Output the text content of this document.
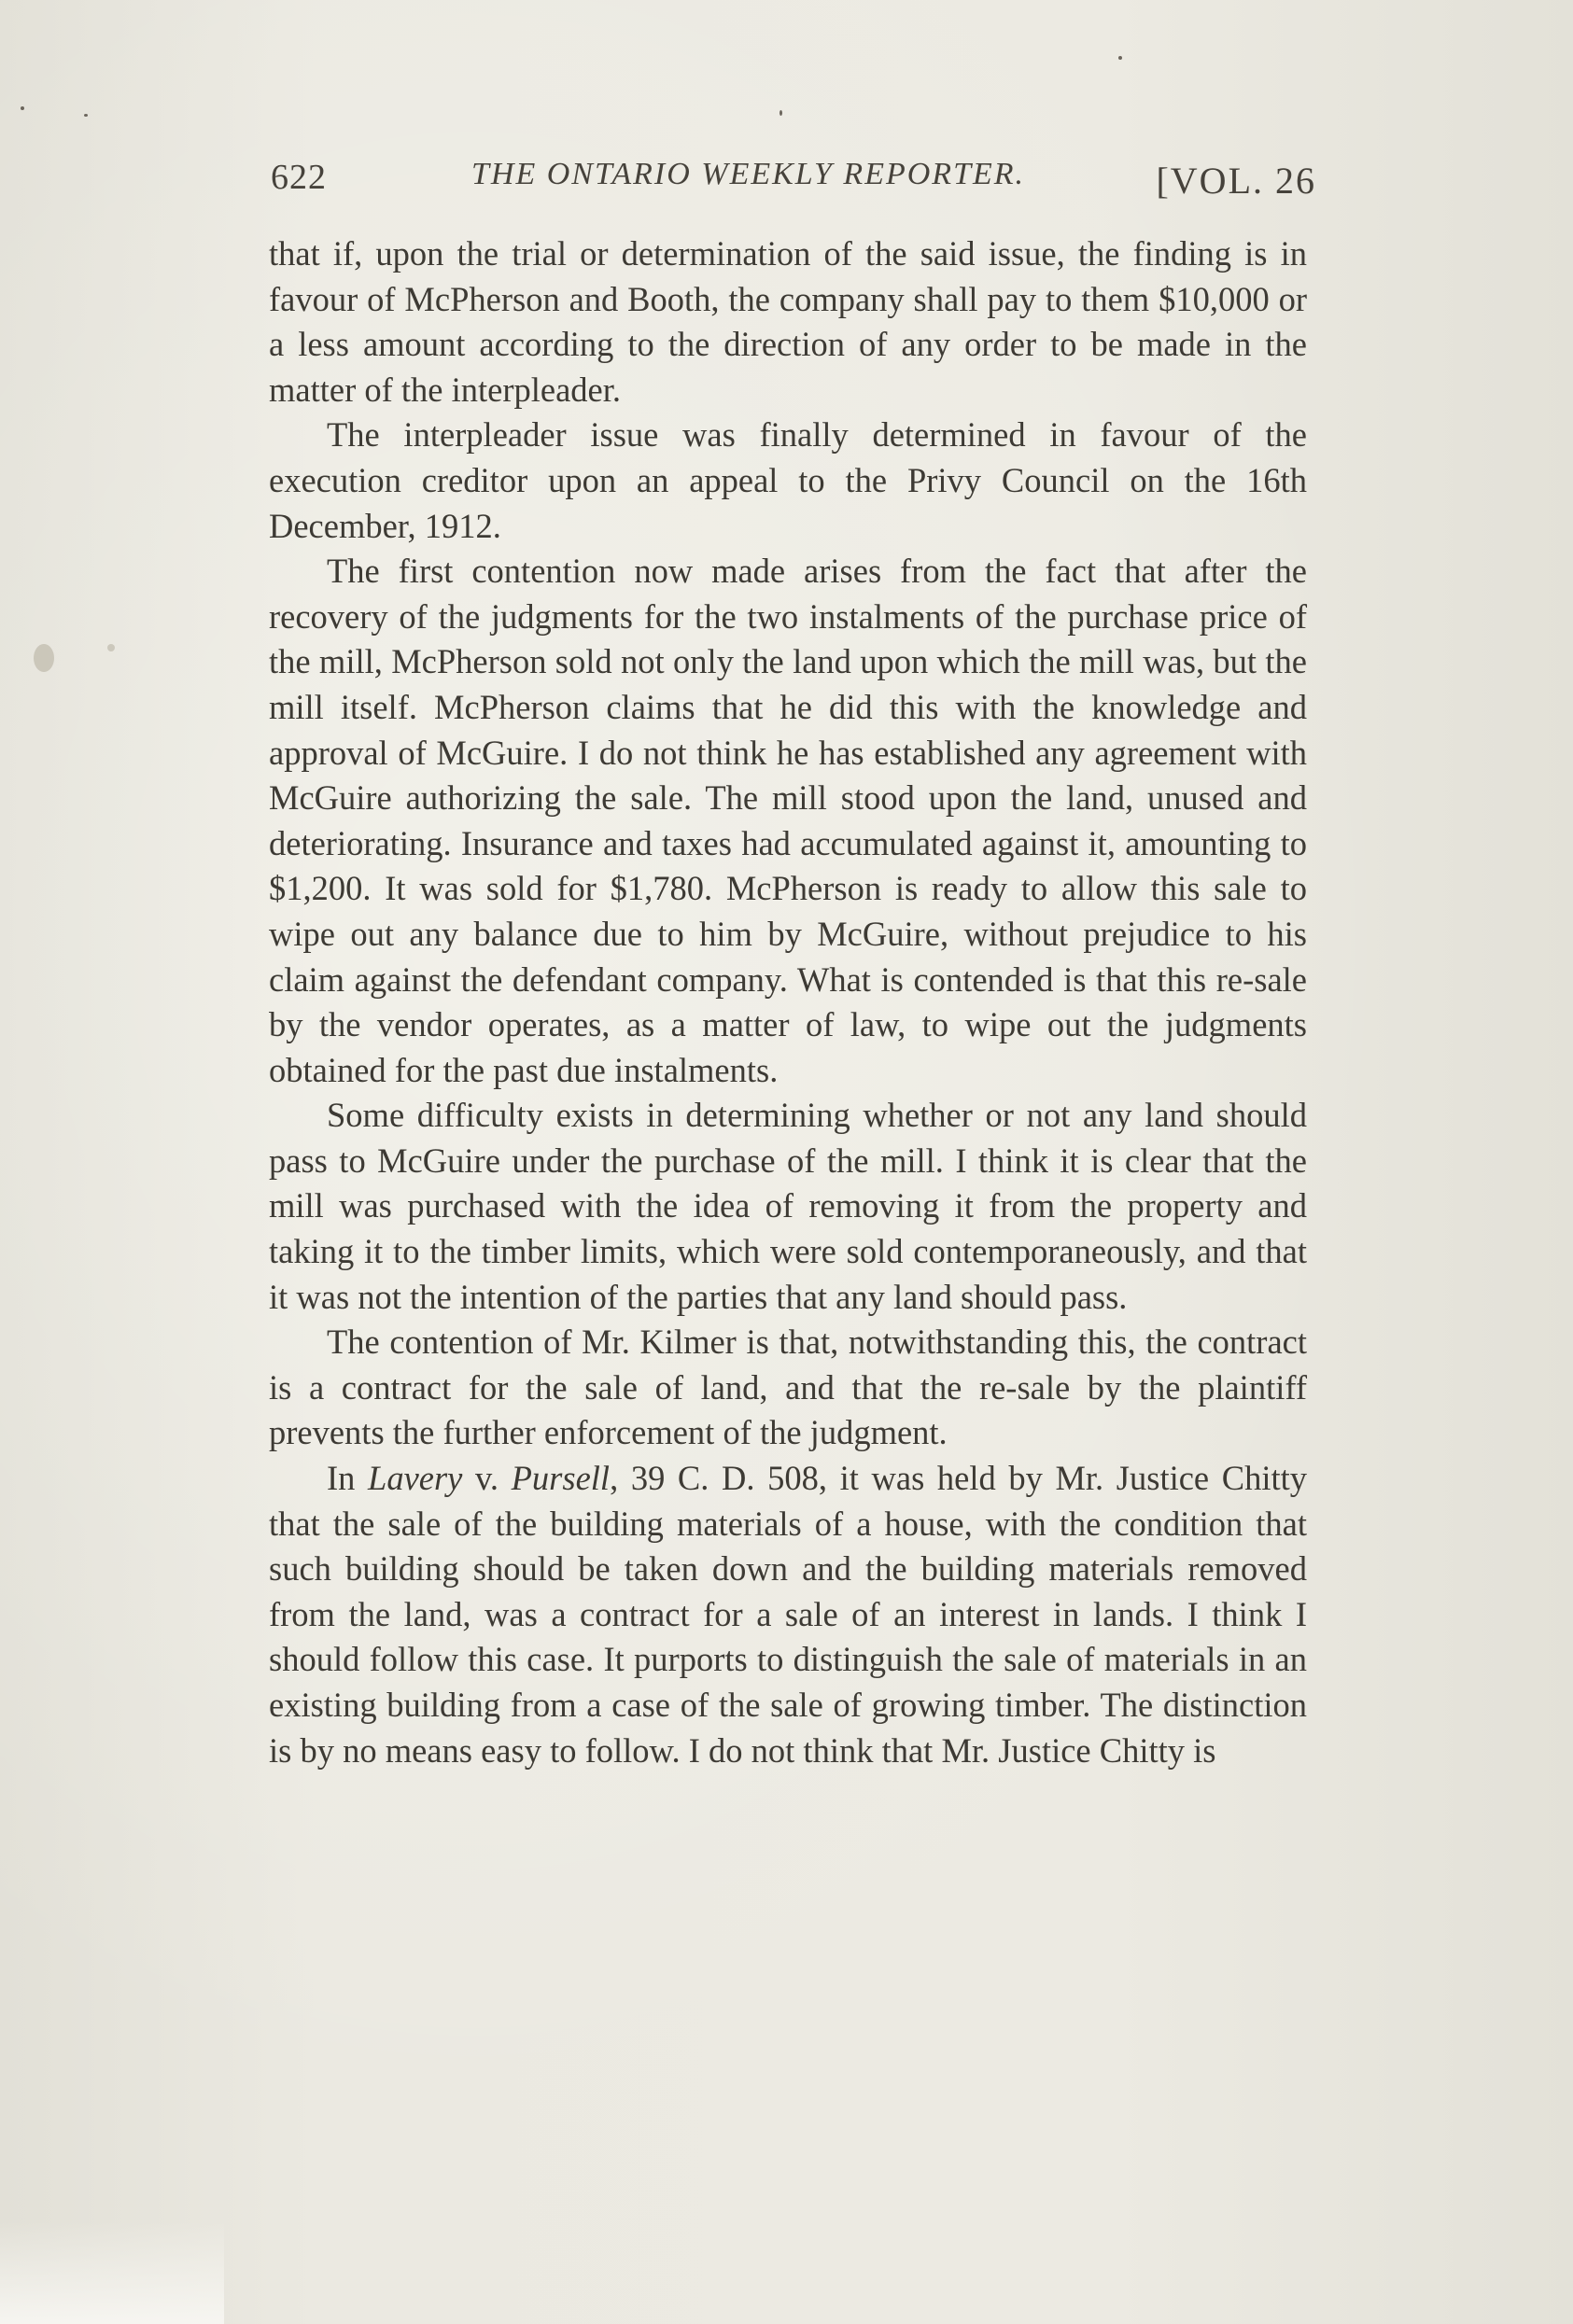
622	THE ONTARIO WEEKLY REPORTER.	[VOL. 26

that if, upon the trial or determination of the said issue, the finding is in favour of McPherson and Booth, the company shall pay to them $10,000 or a less amount according to the direction of any order to be made in the matter of the interpleader.

The interpleader issue was finally determined in favour of the execution creditor upon an appeal to the Privy Council on the 16th December, 1912.

The first contention now made arises from the fact that after the recovery of the judgments for the two instalments of the purchase price of the mill, McPherson sold not only the land upon which the mill was, but the mill itself. McPherson claims that he did this with the knowledge and approval of McGuire. I do not think he has established any agreement with McGuire authorizing the sale. The mill stood upon the land, unused and deteriorating. Insurance and taxes had accumulated against it, amounting to $1,200. It was sold for $1,780. McPherson is ready to allow this sale to wipe out any balance due to him by McGuire, without prejudice to his claim against the defendant company. What is contended is that this re-sale by the vendor operates, as a matter of law, to wipe out the judgments obtained for the past due instalments.

Some difficulty exists in determining whether or not any land should pass to McGuire under the purchase of the mill. I think it is clear that the mill was purchased with the idea of removing it from the property and taking it to the timber limits, which were sold contemporaneously, and that it was not the intention of the parties that any land should pass.

The contention of Mr. Kilmer is that, notwithstanding this, the contract is a contract for the sale of land, and that the re-sale by the plaintiff prevents the further enforcement of the judgment.

In Lavery v. Pursell, 39 C. D. 508, it was held by Mr. Justice Chitty that the sale of the building materials of a house, with the condition that such building should be taken down and the building materials removed from the land, was a contract for a sale of an interest in lands. I think I should follow this case. It purports to distinguish the sale of materials in an existing building from a case of the sale of growing timber. The distinction is by no means easy to follow. I do not think that Mr. Justice Chitty is
